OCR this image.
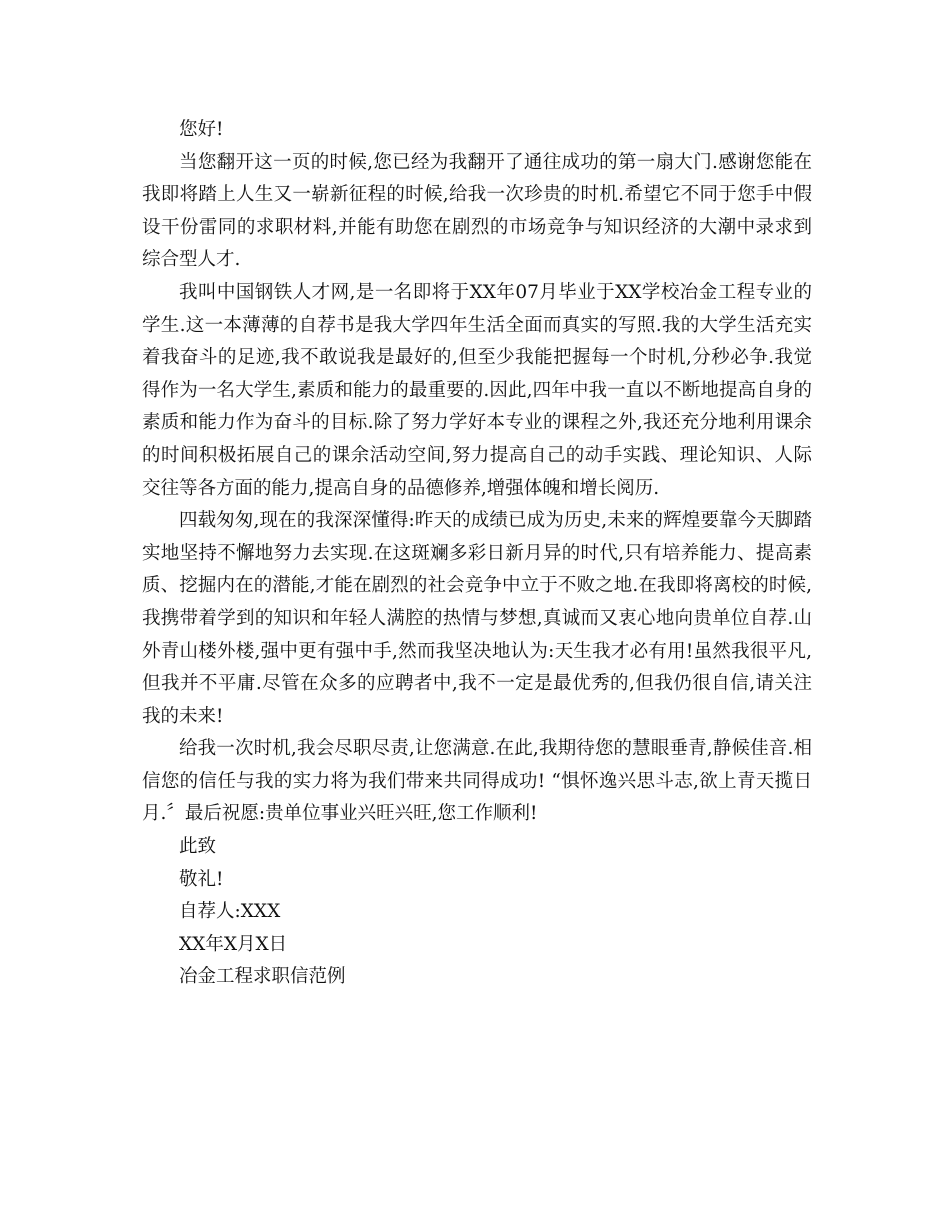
您好!

当您翻开这一页的时候,您已经为我翻开了通往成功的第一扇大门.感谢您能在我即将踏上人生又一崭新征程的时候,给我一次珍贵的时机.希望它不同于您手中假设干份雷同的求职材料,并能有助您在剧烈的市场竞争与知识经济的大潮中录求到综合型人才.

我叫中国钢铁人才网,是一名即将于XX年07月毕业于XX学校冶金工程专业的学生.这一本薄薄的自荐书是我大学四年生活全面而真实的写照.我的大学生活充实着我奋斗的足迹,我不敢说我是最好的,但至少我能把握每一个时机,分秒必争.我觉得作为一名大学生,素质和能力的最重要的.因此,四年中我一直以不断地提高自身的素质和能力作为奋斗的目标.除了努力学好本专业的课程之外,我还充分地利用课余的时间积极拓展自己的课余活动空间,努力提高自己的动手实践、理论知识、人际交往等各方面的能力,提高自身的品德修养,增强体魄和增长阅历.

四载匆匆,现在的我深深懂得:昨天的成绩已成为历史,未来的辉煌要靠今天脚踏实地坚持不懈地努力去实现.在这斑斓多彩日新月异的时代,只有培养能力、提高素质、挖掘内在的潜能,才能在剧烈的社会竞争中立于不败之地.在我即将离校的时候,我携带着学到的知识和年轻人满腔的热情与梦想,真诚而又衷心地向贵单位自荐.山外青山楼外楼,强中更有强中手,然而我坚决地认为:天生我才必有用!虽然我很平凡,但我并不平庸.尽管在众多的应聘者中,我不一定是最优秀的,但我仍很自信,请关注我的未来!

给我一次时机,我会尽职尽责,让您满意.在此,我期待您的慧眼垂青,静候佳音.相信您的信任与我的实力将为我们带来共同得成功! “惧怀逸兴思斗志,欲上青天揽日月.〞最后祝愿:贵单位事业兴旺兴旺,您工作顺利!

此致

敬礼!

自荐人:XXX

XX年X月X日

冶金工程求职信范例
